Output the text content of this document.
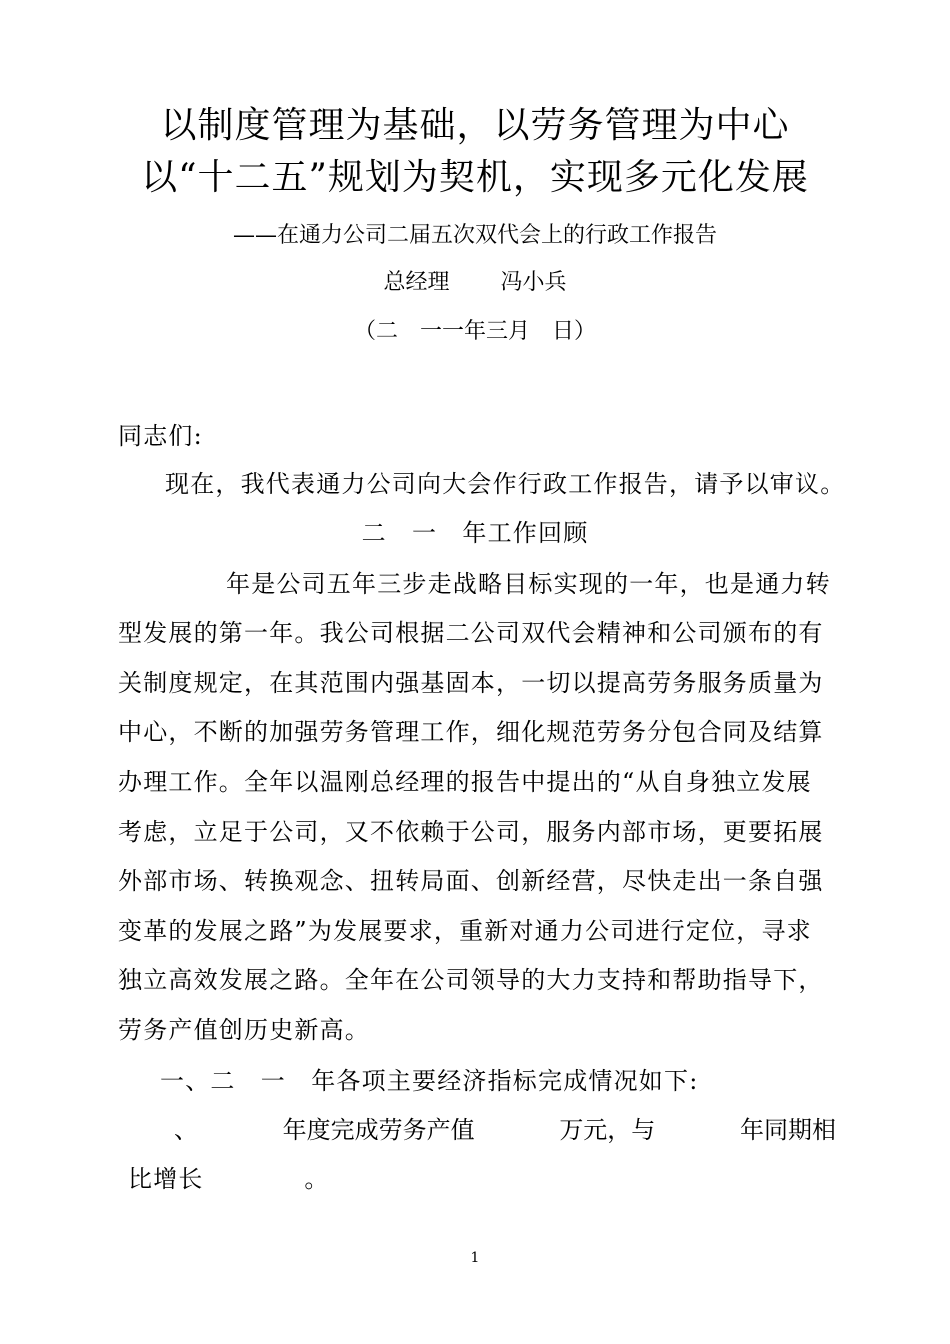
以制度管理为基础，以劳务管理为中心
以“十二五”规划为契机，实现多元化发展
——在通力公司二届五次双代会上的行政工作报告
总经理　　 冯小兵
（二　一一年三月　日）
同志们:
现在，我代表通力公司向大会作行政工作报告，请予以审议。
二　一　年工作回顾
年是公司五年三步走战略目标实现的一年，也是通力转
型发展的第一年。我公司根据二公司双代会精神和公司颁布的有
关制度规定，在其范围内强基固本，一切以提高劳务服务质量为
中心，不断的加强劳务管理工作，细化规范劳务分包合同及结算
办理工作。全年以温刚总经理的报告中提出的“从自身独立发展
考虑，立足于公司，又不依赖于公司，服务内部市场，更要拓展
外部市场、转换观念、扭转局面、创新经营，尽快走出一条自强
变革的发展之路”为发展要求，重新对通力公司进行定位，寻求
独立高效发展之路。全年在公司领导的大力支持和帮助指导下，
劳务产值创历史新高。
一、二　一　年各项主要经济指标完成情况如下:
、	年度完成劳务产值	万元，与	年同期相
比增长　　　　。
1
